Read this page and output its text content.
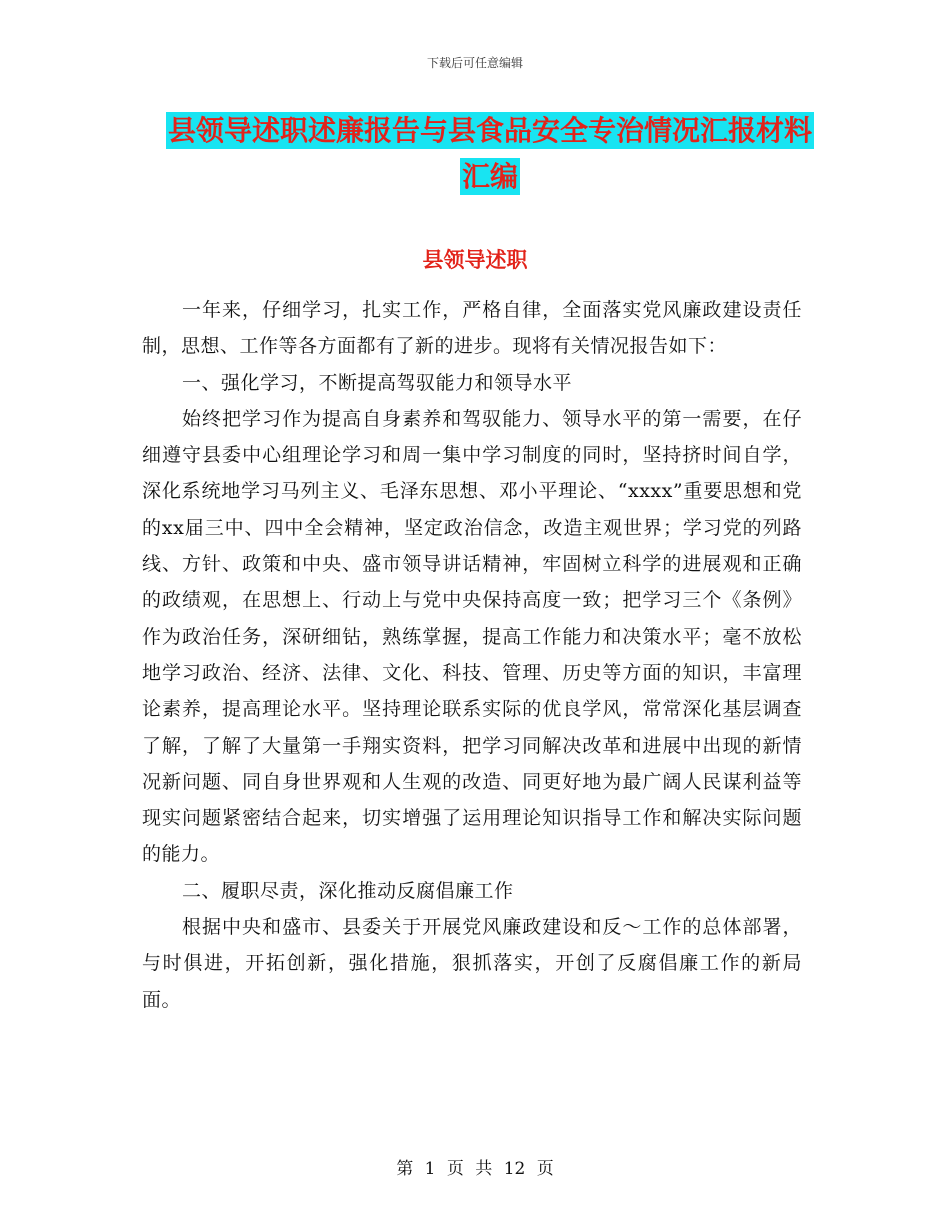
下载后可任意编辑
县领导述职述廉报告与县食品安全专治情况汇报材料
汇编
县领导述职

一年来，仔细学习，扎实工作，严格自律，全面落实党风廉政建设责任制，思想、工作等各方面都有了新的进步。现将有关情况报告如下：

一、强化学习，不断提高驾驭能力和领导水平

始终把学习作为提高自身素养和驾驭能力、领导水平的第一需要，在仔细遵守县委中心组理论学习和周一集中学习制度的同时，坚持挤时间自学，深化系统地学习马列主义、毛泽东思想、邓小平理论、“xxxx”重要思想和党的xx届三中、四中全会精神，坚定政治信念，改造主观世界；学习党的列路线、方针、政策和中央、盛市领导讲话精神，牢固树立科学的进展观和正确的政绩观，在思想上、行动上与党中央保持高度一致；把学习三个《条例》作为政治任务，深研细钻，熟练掌握，提高工作能力和决策水平；毫不放松地学习政治、经济、法律、文化、科技、管理、历史等方面的知识，丰富理论素养，提高理论水平。坚持理论联系实际的优良学风，常常深化基层调查了解，了解了大量第一手翔实资料，把学习同解决改革和进展中出现的新情况新问题、同自身世界观和人生观的改造、同更好地为最广阔人民谋利益等现实问题紧密结合起来，切实增强了运用理论知识指导工作和解决实际问题的能力。

二、履职尽责，深化推动反腐倡廉工作

根据中央和盛市、县委关于开展党风廉政建设和反～工作的总体部署，与时俱进，开拓创新，强化措施，狠抓落实，开创了反腐倡廉工作的新局面。

第 1 页 共 12 页
